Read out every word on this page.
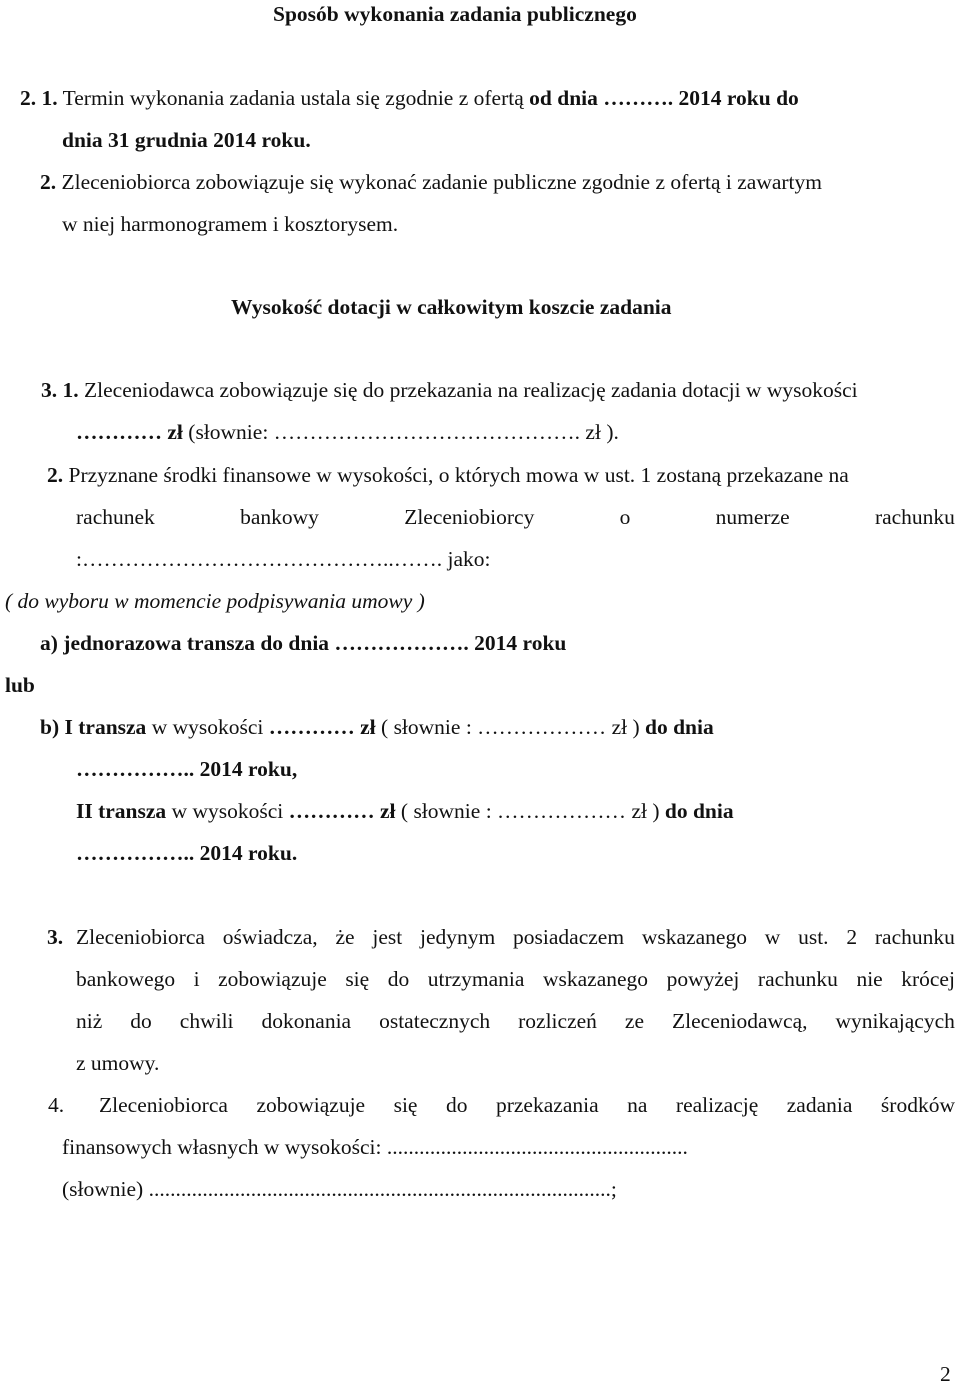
Sposób wykonania zadania publicznego
2. 1. Termin wykonania zadania ustala się zgodnie z ofertą od dnia ………. 2014 roku do
dnia 31 grudnia 2014 roku.
2. Zleceniobiorca zobowiązuje się wykonać zadanie publiczne zgodnie z ofertą i zawartym
w niej harmonogramem i kosztorysem.
Wysokość dotacji w całkowitym koszcie zadania
3. 1. Zleceniodawca zobowiązuje się do przekazania na realizację zadania dotacji w wysokości
………… zł (słownie: ……………………………………. zł ).
2. Przyznane środki finansowe w wysokości, o których mowa w ust. 1 zostaną przekazane na
rachunek	bankowy	Zleceniobiorcy	o	numerze	rachunku
:……………………………………..……. jako:
( do wyboru w momencie podpisywania umowy )
a) jednorazowa transza do dnia ………………. 2014 roku
lub
b) I transza w wysokości ………… zł ( słownie : ……………… zł ) do dnia
…………….. 2014 roku,
II transza w wysokości ………… zł ( słownie : ……………… zł ) do dnia
…………….. 2014 roku.
3. Zleceniobiorca oświadcza, że jest jedynym posiadaczem wskazanego w ust. 2 rachunku
bankowego i zobowiązuje się do utrzymania wskazanego powyżej rachunku nie krócej
niż do chwili dokonania ostatecznych rozliczeń ze Zleceniodawcą, wynikających
z umowy.
4. Zleceniobiorca zobowiązuje się do przekazania na realizację zadania środków
finansowych własnych w wysokości: ........................................................
(słownie) ......................................................................................;
2
